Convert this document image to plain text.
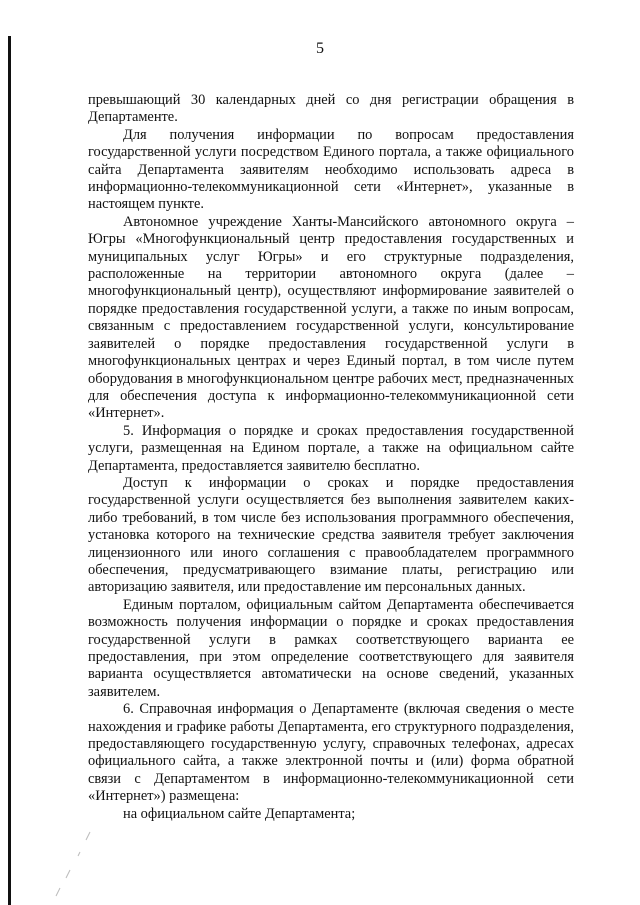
5

превышающий 30 календарных дней со дня регистрации обращения в Департаменте.

Для получения информации по вопросам предоставления государственной услуги посредством Единого портала, а также официального сайта Департамента заявителям необходимо использовать адреса в информационно-телекоммуникационной сети «Интернет», указанные в настоящем пункте.

Автономное учреждение Ханты-Мансийского автономного округа – Югры «Многофункциональный центр предоставления государственных и муниципальных услуг Югры» и его структурные подразделения, расположенные на территории автономного округа (далее – многофункциональный центр), осуществляют информирование заявителей о порядке предоставления государственной услуги, а также по иным вопросам, связанным с предоставлением государственной услуги, консультирование заявителей о порядке предоставления государственной услуги в многофункциональных центрах и через Единый портал, в том числе путем оборудования в многофункциональном центре рабочих мест, предназначенных для обеспечения доступа к информационно-телекоммуникационной сети «Интернет».

5. Информация о порядке и сроках предоставления государственной услуги, размещенная на Едином портале, а также на официальном сайте Департамента, предоставляется заявителю бесплатно.

Доступ к информации о сроках и порядке предоставления государственной услуги осуществляется без выполнения заявителем каких-либо требований, в том числе без использования программного обеспечения, установка которого на технические средства заявителя требует заключения лицензионного или иного соглашения с правообладателем программного обеспечения, предусматривающего взимание платы, регистрацию или авторизацию заявителя, или предоставление им персональных данных.

Единым порталом, официальным сайтом Департамента обеспечивается возможность получения информации о порядке и сроках предоставления государственной услуги в рамках соответствующего варианта ее предоставления, при этом определение соответствующего для заявителя варианта осуществляется автоматически на основе сведений, указанных заявителем.

6. Справочная информация о Департаменте (включая сведения о месте нахождения и графике работы Департамента, его структурного подразделения, предоставляющего государственную услугу, справочных телефонах, адресах официального сайта, а также электронной почты и (или) форма обратной связи с Департаментом в информационно-телекоммуникационной сети «Интернет») размещена:

на официальном сайте Департамента;
